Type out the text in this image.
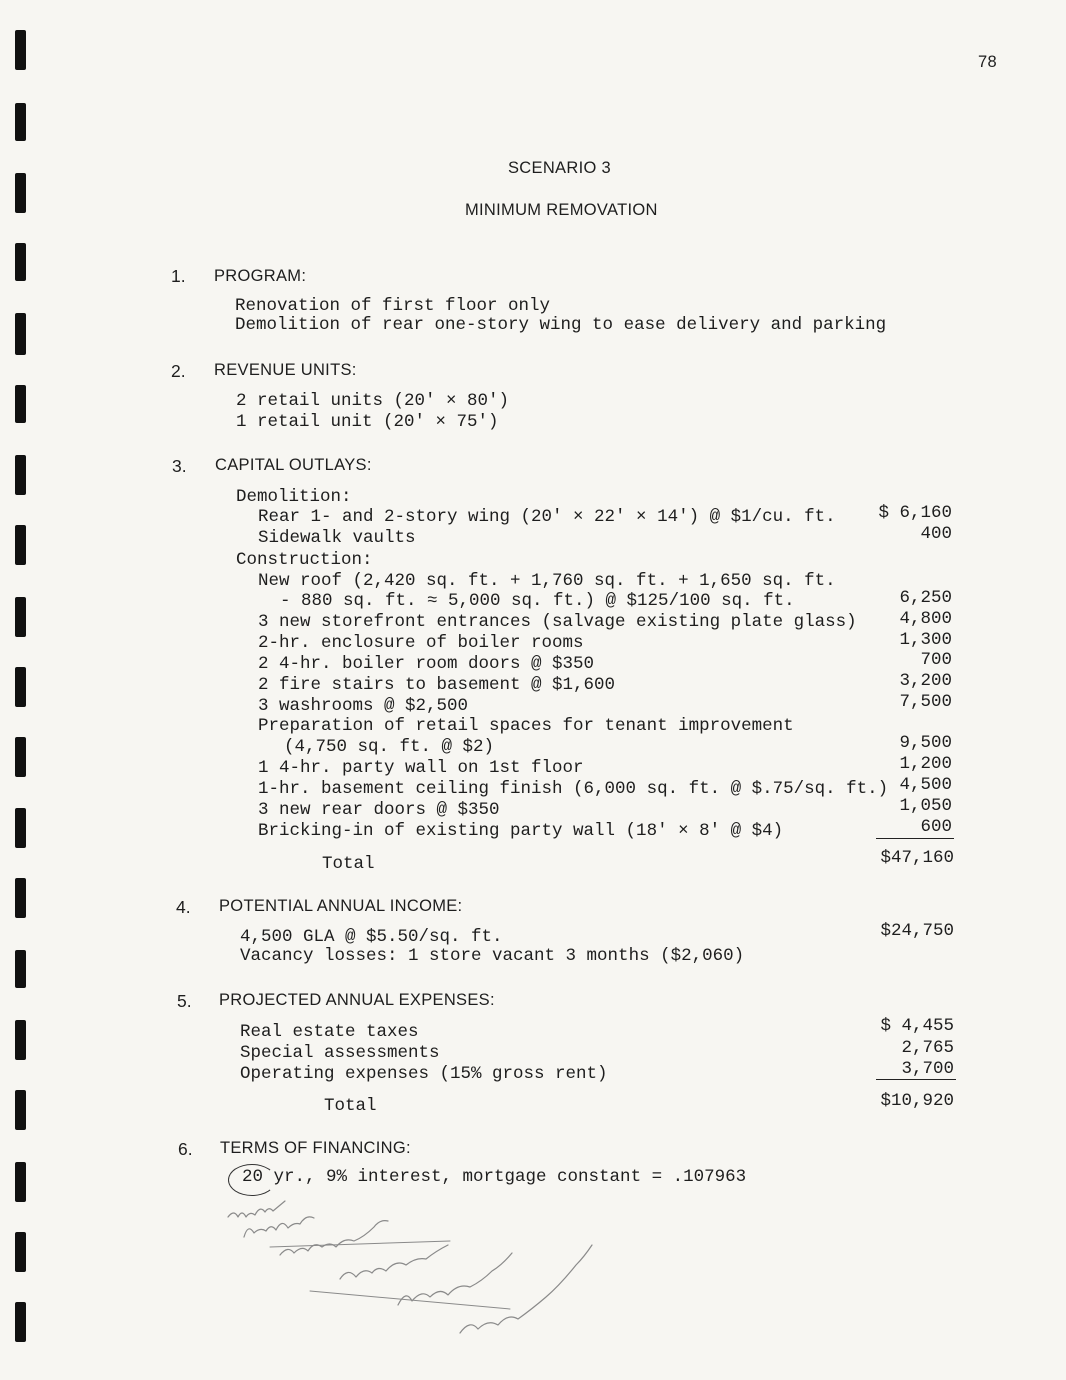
78
SCENARIO 3
MINIMUM REMOVATION
1. PROGRAM:
Renovation of first floor only
Demolition of rear one-story wing to ease delivery and parking
2. REVENUE UNITS:
2 retail units (20' × 80')
1 retail unit (20' × 75')
3. CAPITAL OUTLAYS:
Demolition:
Rear 1- and 2-story wing (20' × 22' × 14') @ $1/cu. ft. $ 6,160
Sidewalk vaults	400
Construction:
New roof (2,420 sq. ft. + 1,760 sq. ft. + 1,650 sq. ft.
- 880 sq. ft. ≈ 5,000 sq. ft.) @ $125/100 sq. ft.	6,250
3 new storefront entrances (salvage existing plate glass) 4,800
2-hr. enclosure of boiler rooms	1,300
2 4-hr. boiler room doors @ $350	700
2 fire stairs to basement @ $1,600	3,200
3 washrooms @ $2,500	7,500
Preparation of retail spaces for tenant improvement
(4,750 sq. ft. @ $2)	9,500
1 4-hr. party wall on 1st floor	1,200
1-hr. basement ceiling finish (6,000 sq. ft. @ $.75/sq. ft.) 4,500
3 new rear doors @ $350	1,050
Bricking-in of existing party wall (18' × 8' @ $4)	600
Total	$47,160
4. POTENTIAL ANNUAL INCOME:
4,500 GLA @ $5.50/sq. ft.	$24,750
Vacancy losses: 1 store vacant 3 months ($2,060)
5. PROJECTED ANNUAL EXPENSES:
Real estate taxes	$ 4,455
Special assessments	2,765
Operating expenses (15% gross rent)	3,700
Total	$10,920
6. TERMS OF FINANCING:
20 yr., 9% interest, mortgage constant = .107963
